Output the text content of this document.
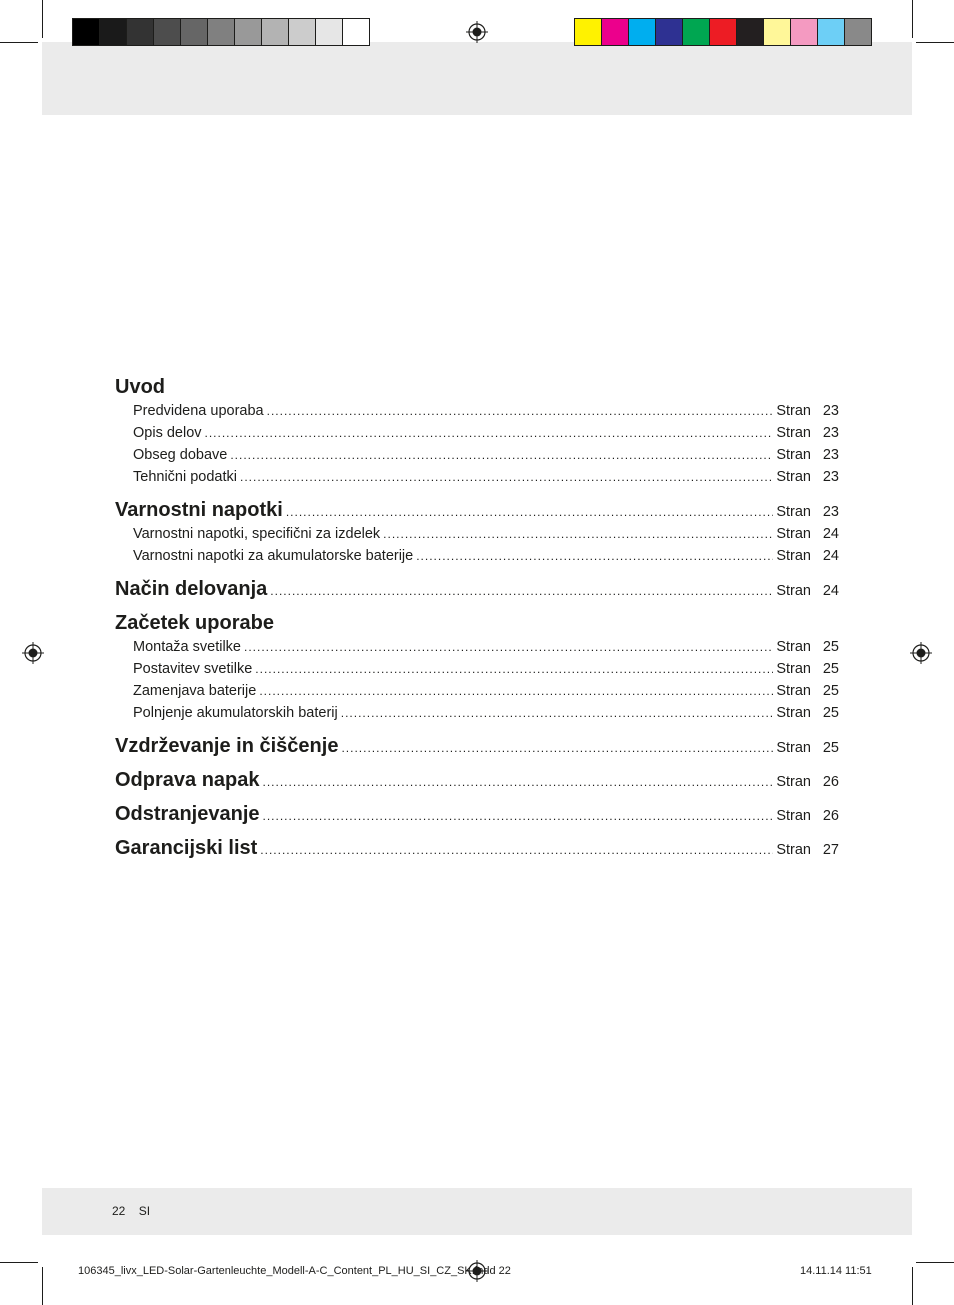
Uvod
Predvidena uporaba .....	Stran 23
Opis delov .....	Stran 23
Obseg dobave .....	Stran 23
Tehnični podatki .....	Stran 23
Varnostni napotki .....	Stran 23
Varnostni napotki, specifični za izdelek .....	Stran 24
Varnostni napotki za akumulatorske baterije .....	Stran 24
Način delovanja .....	Stran 24
Začetek uporabe
Montaža svetilke .....	Stran 25
Postavitev svetilke .....	Stran 25
Zamenjava baterije .....	Stran 25
Polnjenje akumulatorskih baterij .....	Stran 25
Vzdrževanje in čiščenje .....	Stran 25
Odprava napak .....	Stran 26
Odstranjevanje .....	Stran 26
Garancijski list .....	Stran 27
22 SI
106345_livx_LED-Solar-Gartenleuchte_Modell-A-C_Content_PL_HU_SI_CZ_SK.indd 22	14.11.14 11:51
